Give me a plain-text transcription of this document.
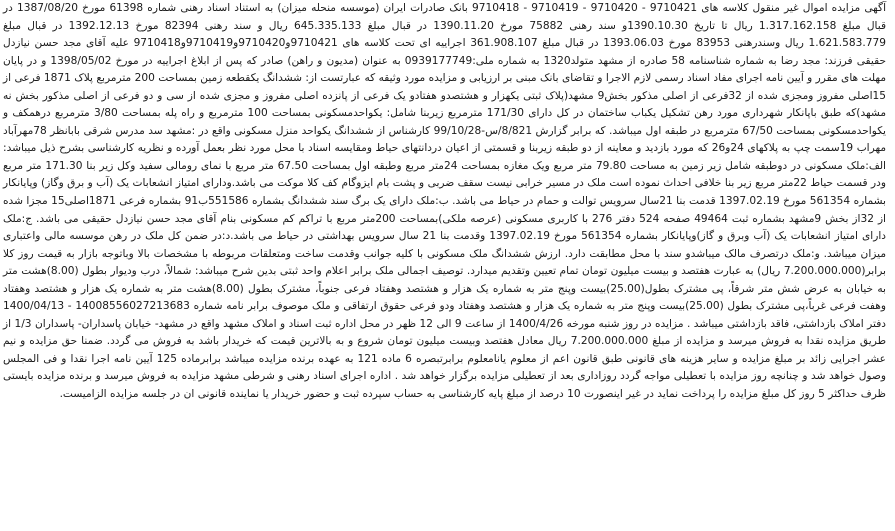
آگهی مزایده اموال غیر منقول کلاسه های 9710421 - 9710420 - 9710419 - 9710418 بانک صادرات ایران (موسسه منحله میزان) به استناد اسناد رهنی شماره 61398 مورخ 1387/08/20 در قبال مبلغ 1.317.162.158 ریال تا تاریخ 1390.10.30و سند رهنی 75882 مورخ 1390.11.20 در قبال مبلغ 645.335.133 ریال و سند رهنی 82394 مورخ 1392.12.13 در قبال مبلغ 1.621.583.779 ریال وسندرهنی 83953 مورخ 1393.06.03 در قبال مبلغ 361.908.107 اجراییه ای تحت کلاسه های 9710421و9710420و9710419و9710418 علیه آقای مجد حسن نیازدل حقیقی فرزند: مجد رضا به شماره شناسنامه 58 صادره از مشهد متولد1320 به شماره ملی:0939177749 به عنوان (مدیون و راهن) صادر که پس از ابلاغ اجراییه در مورخ 1398/05/02 و در پایان مهلت های مقرر و آیین نامه اجرای مفاد اسناد رسمی لازم الاجرا و تقاضای بانک مبنی بر ارزیابی و مزایده مورد وثیقه که عبارتست از: ششدانگ یکقطعه زمین بمساحت 200 مترمربع پلاک 1871 فرعی از 15اصلی مفروز ومجزی شده از 32فرعی از اصلی مذکور بخش9 مشهد(پلاک ثبتی یکهزار و هشتصدو هفتادو یک فرعی از پانزده اصلی مفروز و مجزی شده از سی و دو فرعی از اصلی مذکور بخش نه مشهد)که طبق باپانکار شهرداری مورد رهن تشکیل یکباب ساختمان در کل دارای 171/30 مترمربع زیربنا شامل: یکواحدمسکونی بمساحت 100 مترمربع و راه پله بمساحت 3/80 مترمربع درهمکف و یکواحدمسکونی بمساحت 67/50 مترمربع در طبقه اول میباشد. که برابر گزارش 8/821/س-99/10/28 کارشناس از ششدانگ یکواحد منزل مسکونی واقع در :مشهد سد مدرس شرقی بابانظر 78مهرآباد مهراب 19سمت چپ به پلاکهای 24و26 که مورد بازدید و معاینه از دو طبقه زیربنا و قسمتی از اعیان دردانتهای حیاط ومقایسه اسناد با محل مورد نظر بعمل آورده و نظریه کارشناسی بشرح ذیل میباشد: الف:ملک مسکونی در دوطبقه شامل زیر زمین به مساحت 79.80 متر مربع ویک مغازه بمساحت 24متر مربع وطبقه اول بمساحت 67.50 متر مربع با نمای رومالی سفید وکل زیر بنا 171.30 متر مربع ودر قسمت حیاط 22متر مربع زیر بنا خلافی احداث نموده است ملک در مسیر خرابی نیست سقف ضربی و پشت بام ایزوگام کف کلا موکت می باشد.ودارای امتیاز انشعابات یک (آب و برق وگاز) وپایانکار بشماره 561354 مورخ 1397.02.19 قدمت بنا 21سال سرویس توالت و حمام در حیاط می باشد. ب:ملک دارای یک برگ سند ششدانگ بشماره 551586ب91 بشماره فرعی 1871اصلی15 مجزا شده از 32از بخش 9مشهد بشماره ثبت 49464 صفحه 524 دفتر 276 با کاربری مسکونی (عرصه ملکی)بمساحت 200متر مربع با تراکم کم مسکونی بنام آقای مجد حسن نیازدل حقیقی می باشد. ج:ملک دارای امتیاز انشعابات یک (آب وبرق و گاز)وپایانکار بشماره 561354 مورخ 1397.02.19 وقدمت بنا 21 سال سرویس بهداشتی در حیاط می باشد.د:در ضمن کل ملک در رهن موسسه مالی واعتباری میزان میباشد. و:ملک درتصرف مالک میباشدو سند با محل مطابقت دارد. ارزش ششدانگ ملک مسکونی با کلیه جوانب وقدمت ساخت ومتعلقات مربوطه با مشخصات بالا وباتوجه بازار به قیمت روز کلا برابر(7.200.000.000 ریال) به عبارت هفتصد و بیست میلیون تومان تمام تعیین وتقدیم میدارد. توصیف اجمالی ملک برابر اعلام واحد ثبتی بدین شرح میباشد: شمالاً، درب وديوار بطول (8.00)هشت متر به خيابان به عرض شش متر شرقاً، پی مشترک بطول(25.00)بیست وپنج متر به شماره یک هزار و هشتصد وهفتاد فرعی جنوباً، مشترک بطول (8.00)هشت متر به شماره یک هزار و هشتصد وهفتاد وهفت فرعی غرباً،پی مشترک بطول (25.00)بیست وپنج متر به شماره یک هزار و هشتصد وهفتاد ودو فرعی حقوق ارتفاقی و ملک موصوف برابر نامه شماره 14008556027213683 - 1400/04/13 دفتر املاک بازداشتی، فاقد بازداشتی میباشد . مزایده در روز شنبه مورخه 1400/4/26 از ساعت 9 الی 12 ظهر در محل اداره ثبت اسناد و املاک مشهد واقع در مشهد- خیابان پاسداران- پاسداران 1/3 از طریق مزایده نقدا به فروش میرسد و مزایده از مبلغ 7.200.000.000 ریال معادل هفتصد وبیست میلیون تومان شروع و به بالاترین قیمت که خریدار باشد به فروش می گردد. ضمنا حق مزایده و نیم عشر اجرایی زائد بر مبلغ مزایده و سایر هزینه های قانونی طبق قانون اعم از معلوم یانامعلوم برابرتبصره 6 ماده 121 به عهده برنده مزایده میباشد برابرماده 125 آیین نامه اجرا نقدا و فی المجلس وصول خواهد شد و چنانچه روز مزایده با تعطیلی مواجه گردد روزاداری بعد از تعطیلی مزایده برگزار خواهد شد . اداره اجرای اسناد رهنی و شرطی مشهد مزایده به فروش میرسد و برنده مزایده بایستی ظرف حداکثر 5 روز کل مبلغ مزایده را پرداخت نماید در غیر اینصورت 10 درصد از مبلغ پایه کارشناسی به حساب سپرده ثبت و حضور خریدار یا نماینده قانونی ان در جلسه مزایده الزامیست.
